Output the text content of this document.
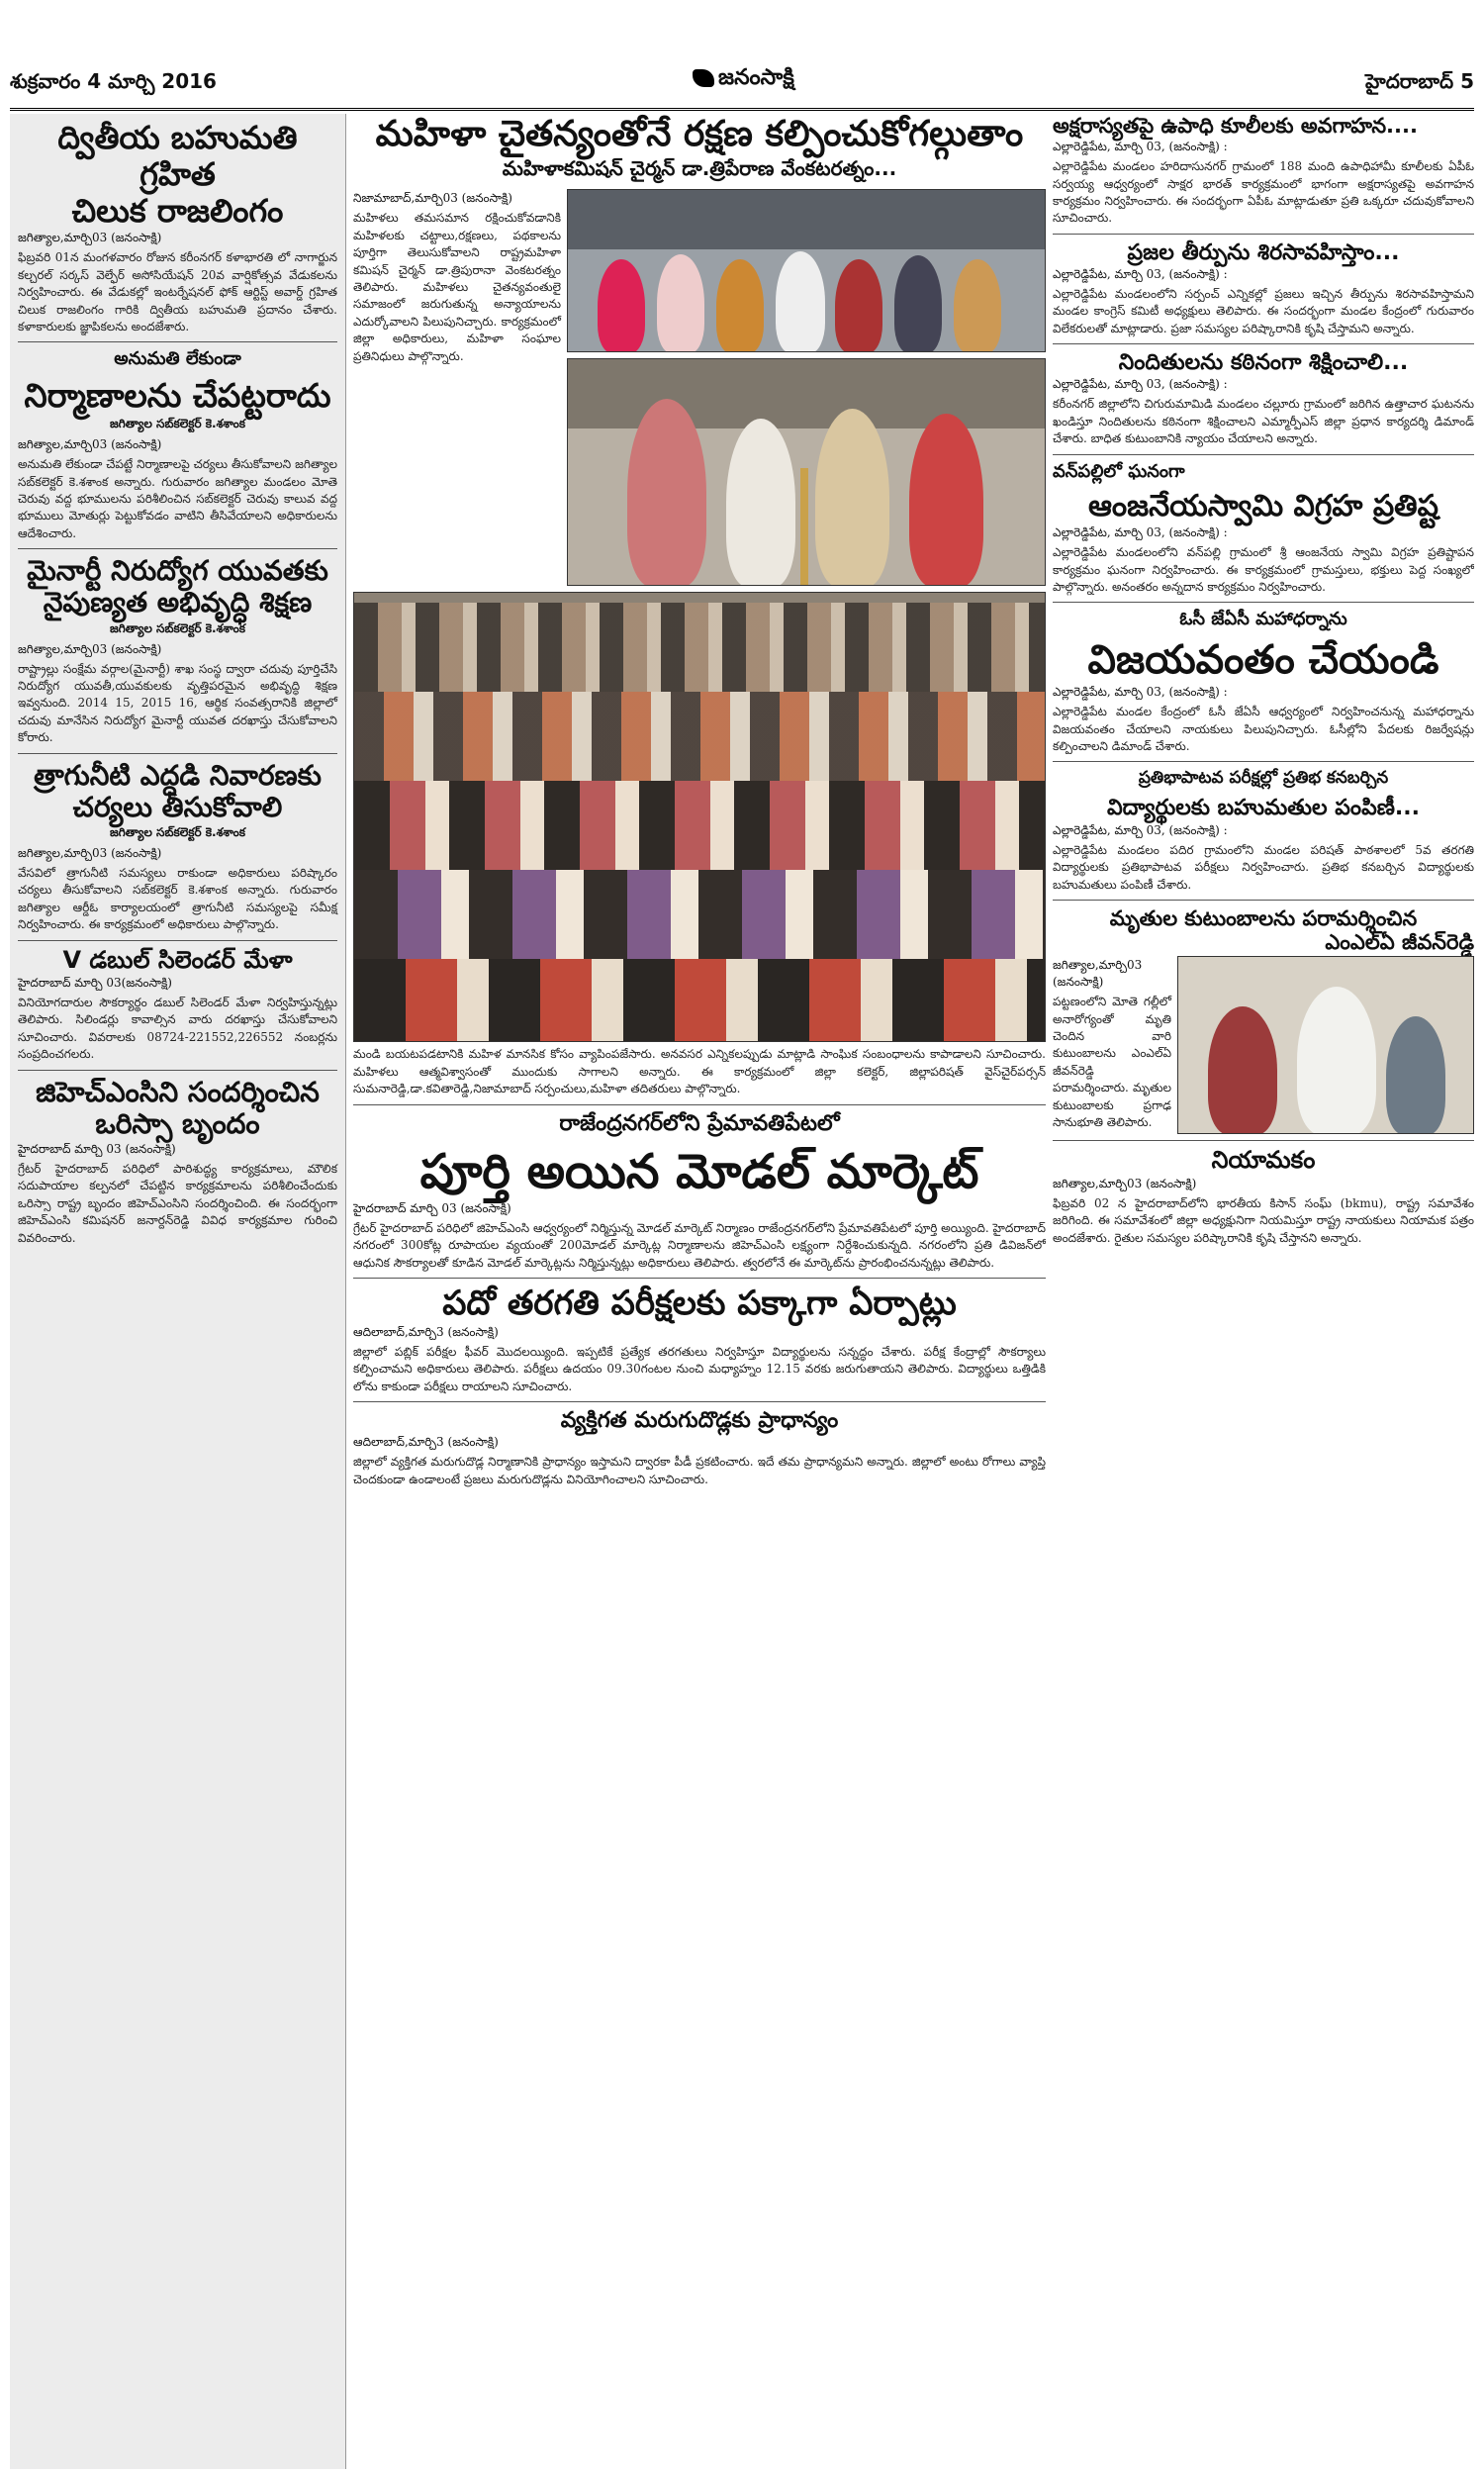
శుక్రవారం 4 మార్చి 2016	జనంసాక్షి	హైదరాబాద్ 5
ద్వితీయ బహుమతి గ్రహిత
చిలుక రాజలింగం
జగిత్యాల,మార్చి03 (జనంసాక్షి)
ఫిబ్రవరి 01న మంగళవారం రోజున కరీంనగర్ కళాభారతి లో నాగార్జున కల్చరల్ సర్కస్ వెల్ఫేర్ అసోసియేషన్ 20వ వార్షికోత్సవ వేడుకలను నిర్వహించారు. ఈ వేడుకల్లో ఇంటర్నేషనల్ ఫోక్ ఆర్టిస్ట్ అవార్డ్ గ్రహిత చిలుక రాజలింగం గారికి ద్వితీయ బహుమతి ప్రదానం చేశారు. కళాకారులకు జ్ఞాపికలను అందజేశారు.
అనుమతి లేకుండా
నిర్మాణాలను చేపట్టరాదు
జగిత్యాల సబ్‌కలెక్టర్ కె.శశాంక
జగిత్యాల,మార్చి03 (జనంసాక్షి)
అనుమతి లేకుండా చేపట్టే నిర్మాణాలపై చర్యలు తీసుకోవాలని జగిత్యాల సబ్‌కలెక్టర్ కె.శశాంక అన్నారు. గురువారం జగిత్యాల మండలం మోతె చెరువు వద్ద భూములను పరిశీలించిన సబ్‌కలెక్టర్ చెరువు కాలువ వద్ద భూములు మోతుర్లు పెట్టుకోవడం వాటిని తీసివేయాలని అధికారులను ఆదేశించారు.
మైనార్టీ నిరుద్యోగ యువతకు
నైపుణ్యత అభివృద్ధి శిక్షణ
జగిత్యాల సబ్‌కలెక్టర్ కె.శశాంక
జగిత్యాల,మార్చి03 (జనంసాక్షి)
రాష్ట్రాల్లు సంక్షేమ వర్గాల(మైనార్టీ) శాఖ సంస్థ ద్వారా చదువు పూర్తిచేసి నిరుద్యోగ యువతీ,యువకులకు వృత్తిపరమైన అభివృద్ధి శిక్షణ ఇవ్వనుంది. 2014 15, 2015 16, ఆర్థిక సంవత్సరానికి జిల్లాలో చదువు మానేసిన నిరుద్యోగ మైనార్టీ యువత దరఖాస్తు చేసుకోవాలని కోరారు.
త్రాగునీటి ఎద్దడి నివారణకు
చర్యలు తీసుకోవాలి
జగిత్యాల సబ్‌కలెక్టర్ కె.శశాంక
జగిత్యాల,మార్చి03 (జనంసాక్షి)
వేసవిలో త్రాగునీటి సమస్యలు రాకుండా అధికారులు పరిష్కారం చర్యలు తీసుకోవాలని సబ్‌కలెక్టర్ కె.శశాంక అన్నారు. గురువారం జగిత్యాల ఆర్డీఓ కార్యాలయంలో త్రాగునీటి సమస్యలపై సమీక్ష నిర్వహించారు. ఈ కార్యక్రమంలో అధికారులు పాల్గొన్నారు.
V డబుల్ సిలెండర్ మేళా
హైదరాబాద్ మార్చి 03(జనంసాక్షి)
వినియోగదారుల సౌకర్యార్థం డబుల్ సిలెండర్ మేళా నిర్వహిస్తున్నట్లు తెలిపారు. సిలిండర్లు కావాల్సిన వారు దరఖాస్తు చేసుకోవాలని సూచించారు. వివరాలకు 08724-221552,226552 నంబర్లను సంప్రదించగలరు.
జిహెచ్‌ఎంసిని సందర్శించిన
ఒరిస్సా బృందం
హైదరాబాద్ మార్చి 03 (జనంసాక్షి)
గ్రేటర్ హైదరాబాద్ పరిధిలో పారిశుద్ధ్య కార్యక్రమాలు, మౌలిక సదుపాయాల కల్పనలో చేపట్టిన కార్యక్రమాలను పరిశీలించేందుకు ఒరిస్సా రాష్ట్ర బృందం జిహెచ్‌ఎంసిని సందర్శించింది. ఈ సందర్భంగా జిహెచ్‌ఎంసి కమిషనర్ జనార్దన్‌రెడ్డి వివిధ కార్యక్రమాల గురించి వివరించారు.
మహిళా చైతన్యంతోనే రక్షణ కల్పించుకోగల్గుతాం
మహిళాకమిషన్ చైర్మన్ డా.త్రిపేరాణ వేంకటరత్నం...
నిజామాబాద్,మార్చి03 (జనంసాక్షి)
మహిళలు తమసమాన రక్షించుకోవడానికి మహిళలకు చట్టాలు,రక్షణలు, పథకాలను పూర్తిగా తెలుసుకోవాలని రాష్ట్రమహిళా కమిషన్ చైర్మన్ డా.త్రిపురానా వెంకటరత్నం తెలిపారు. మహిళలు చైతన్యవంతులై సమాజంలో జరుగుతున్న అన్యాయాలను ఎదుర్కోవాలని పిలుపునిచ్చారు. కార్యక్రమంలో జిల్లా అధికారులు, మహిళా సంఘాల ప్రతినిధులు పాల్గొన్నారు.
మండి బయటపడటానికి మహిళ మానసిక కోసం వ్యాపింపజేసారు. అనవసర ఎన్నికలప్పుడు మాట్లాడి సాంఘిక సంబంధాలను కాపాడాలని సూచించారు. మహిళలు ఆత్మవిశ్వాసంతో ముందుకు సాగాలని అన్నారు. ఈ కార్యక్రమంలో జిల్లా కలెక్టర్, జిల్లాపరిషత్ వైస్‌చైర్‌పర్సన్ సుమనారెడ్డి,డా.కవితారెడ్డి,నిజామాబాద్ సర్పంచులు,మహిళా తదితరులు పాల్గొన్నారు.
రాజేంద్రనగర్‌లోని ప్రేమావతిపేటలో
పూర్తి అయిన మోడల్ మార్కెట్
హైదరాబాద్ మార్చి 03 (జనంసాక్షి)
గ్రేటర్ హైదరాబాద్ పరిధిలో జిహెచ్‌ఎంసి ఆధ్వర్యంలో నిర్మిస్తున్న మోడల్ మార్కెట్ నిర్మాణం రాజేంద్రనగర్‌లోని ప్రేమావతిపేటలో పూర్తి అయ్యింది. హైదరాబాద్ నగరంలో 300కోట్ల రూపాయల వ్యయంతో 200మోడల్ మార్కెట్ల నిర్మాణాలను జిహెచ్‌ఎంసి లక్ష్యంగా నిర్దేశించుకున్నది. నగరంలోని ప్రతి డివిజన్‌లో ఆధునిక సౌకర్యాలతో కూడిన మోడల్ మార్కెట్లను నిర్మిస్తున్నట్లు అధికారులు తెలిపారు. త్వరలోనే ఈ మార్కెట్‌ను ప్రారంభించనున్నట్లు తెలిపారు.
పదో తరగతి పరీక్షలకు పక్కాగా ఏర్పాట్లు
ఆదిలాబాద్,మార్చి3 (జనంసాక్షి)
జిల్లాలో పబ్లిక్ పరీక్షల ఫీవర్ మొదలయ్యింది. ఇప్పటికే ప్రత్యేక తరగతులు నిర్వహిస్తూ విద్యార్థులను సన్నద్ధం చేశారు. పరీక్ష కేంద్రాల్లో సౌకర్యాలు కల్పించామని అధికారులు తెలిపారు. పరీక్షలు ఉదయం 09.30గంటల నుంచి మధ్యాహ్నం 12.15 వరకు జరుగుతాయని తెలిపారు. విద్యార్థులు ఒత్తిడికి లోను కాకుండా పరీక్షలు రాయాలని సూచించారు.
వ్యక్తిగత మరుగుదొడ్లకు ప్రాధాన్యం
ఆదిలాబాద్,మార్చి3 (జనంసాక్షి)
జిల్లాలో వ్యక్తిగత మరుగుదొడ్ల నిర్మాణానికి ప్రాధాన్యం ఇస్తామని ద్వారకా పీడీ ప్రకటించారు. ఇదే తమ ప్రాధాన్యమని అన్నారు. జిల్లాలో అంటు రోగాలు వ్యాప్తి చెందకుండా ఉండాలంటే ప్రజలు మరుగుదొడ్లను వినియోగించాలని సూచించారు.
అక్షరాస్యతపై ఉపాధి కూలీలకు అవగాహన....
ఎల్లారెడ్డిపేట, మార్చి 03, (జనంసాక్షి) :
ఎల్లారెడ్డిపేట మండలం హరిదాసునగర్ గ్రామంలో 188 మంది ఉపాధిహామీ కూలీలకు ఏపీఓ సర్వయ్య ఆధ్వర్యంలో సాక్షర భారత్ కార్యక్రమంలో భాగంగా అక్షరాస్యతపై అవగాహన కార్యక్రమం నిర్వహించారు. ఈ సందర్భంగా ఏపీఓ మాట్లాడుతూ ప్రతి ఒక్కరూ చదువుకోవాలని సూచించారు.
ప్రజల తీర్పును శిరసావహిస్తాం...
ఎల్లారెడ్డిపేట, మార్చి 03, (జనంసాక్షి) :
ఎల్లారెడ్డిపేట మండలంలోని సర్పంచ్ ఎన్నికల్లో ప్రజలు ఇచ్చిన తీర్పును శిరసావహిస్తామని మండల కాంగ్రెస్ కమిటీ అధ్యక్షులు తెలిపారు. ఈ సందర్భంగా మండల కేంద్రంలో గురువారం విలేకరులతో మాట్లాడారు. ప్రజా సమస్యల పరిష్కారానికి కృషి చేస్తామని అన్నారు.
నిందితులను కఠినంగా శిక్షించాలి...
ఎల్లారెడ్డిపేట, మార్చి 03, (జనంసాక్షి) :
కరీంనగర్ జిల్లాలోని చిగురుమామిడి మండలం చల్లూరు గ్రామంలో జరిగిన ఉత్తాచార ఘటనను ఖండిస్తూ నిందితులను కఠినంగా శిక్షించాలని ఎమ్మార్పీఎస్ జిల్లా ప్రధాన కార్యదర్శి డిమాండ్ చేశారు. బాధిత కుటుంబానికి న్యాయం చేయాలని అన్నారు.
వన్‌పల్లిలో ఘనంగా
ఆంజనేయస్వామి విగ్రహ ప్రతిష్ట
ఎల్లారెడ్డిపేట, మార్చి 03, (జనంసాక్షి) :
ఎల్లారెడ్డిపేట మండలంలోని వన్‌పల్లి గ్రామంలో శ్రీ ఆంజనేయ స్వామి విగ్రహ ప్రతిష్టాపన కార్యక్రమం ఘనంగా నిర్వహించారు. ఈ కార్యక్రమంలో గ్రామస్తులు, భక్తులు పెద్ద సంఖ్యలో పాల్గొన్నారు. అనంతరం అన్నదాన కార్యక్రమం నిర్వహించారు.
ఓసీ జేఏసీ మహాధర్నాను
విజయవంతం చేయండి
ఎల్లారెడ్డిపేట, మార్చి 03, (జనంసాక్షి) :
ఎల్లారెడ్డిపేట మండల కేంద్రంలో ఓసీ జేఏసీ ఆధ్వర్యంలో నిర్వహించనున్న మహాధర్నాను విజయవంతం చేయాలని నాయకులు పిలుపునిచ్చారు. ఓసీల్లోని పేదలకు రిజర్వేషన్లు కల్పించాలని డిమాండ్ చేశారు.
ప్రతిభాపాటవ పరీక్షల్లో ప్రతిభ కనబర్చిన
విద్యార్థులకు బహుమతుల పంపిణీ...
ఎల్లారెడ్డిపేట, మార్చి 03, (జనంసాక్షి) :
ఎల్లారెడ్డిపేట మండలం పదిర గ్రామంలోని మండల పరిషత్ పాఠశాలలో 5వ తరగతి విద్యార్థులకు ప్రతిభాపాటవ పరీక్షలు నిర్వహించారు. ప్రతిభ కనబర్చిన విద్యార్థులకు బహుమతులు పంపిణీ చేశారు.
మృతుల కుటుంబాలను పరామర్శించిన
ఎంఎల్‌ఏ జీవన్‌రెడ్డి
జగిత్యాల,మార్చి03 (జనంసాక్షి)
పట్టణంలోని మోతె గల్లీలో అనారోగ్యంతో మృతి చెందిన వారి కుటుంబాలను ఎంఎల్‌ఏ జీవన్‌రెడ్డి పరామర్శించారు. మృతుల కుటుంబాలకు ప్రగాఢ సానుభూతి తెలిపారు.
నియామకం
జగిత్యాల,మార్చి03 (జనంసాక్షి)
ఫిబ్రవరి 02 న హైదరాబాద్‌లోని భారతీయ కిసాన్ సంఘ్ (bkmu), రాష్ట్ర సమావేశం జరిగింది. ఈ సమావేశంలో జిల్లా అధ్యక్షునిగా నియమిస్తూ రాష్ట్ర నాయకులు నియామక పత్రం అందజేశారు. రైతుల సమస్యల పరిష్కారానికి కృషి చేస్తానని అన్నారు.
